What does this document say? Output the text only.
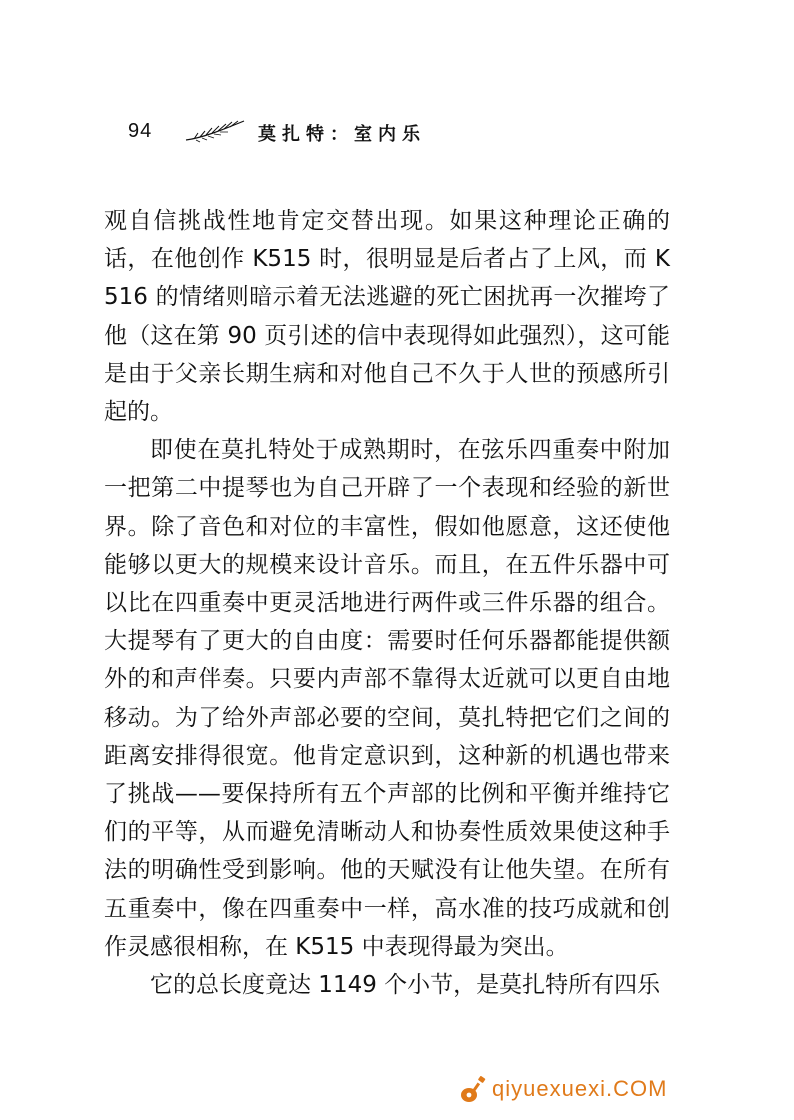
94	莫扎特：室内乐

观自信挑战性地肯定交替出现。如果这种理论正确的话，在他创作 K515 时，很明显是后者占了上风，而 K516 的情绪则暗示着无法逃避的死亡困扰再一次摧垮了他（这在第 90 页引述的信中表现得如此强烈），这可能是由于父亲长期生病和对他自己不久于人世的预感所引起的。

即使在莫扎特处于成熟期时，在弦乐四重奏中附加一把第二中提琴也为自己开辟了一个表现和经验的新世界。除了音色和对位的丰富性，假如他愿意，这还使他能够以更大的规模来设计音乐。而且，在五件乐器中可以比在四重奏中更灵活地进行两件或三件乐器的组合。大提琴有了更大的自由度：需要时任何乐器都能提供额外的和声伴奏。只要内声部不靠得太近就可以更自由地移动。为了给外声部必要的空间，莫扎特把它们之间的距离安排得很宽。他肯定意识到，这种新的机遇也带来了挑战——要保持所有五个声部的比例和平衡并维持它们的平等，从而避免清晰动人和协奏性质效果使这种手法的明确性受到影响。他的天赋没有让他失望。在所有五重奏中，像在四重奏中一样，高水准的技巧成就和创作灵感很相称，在 K515 中表现得最为突出。

它的总长度竟达 1149 个小节，是莫扎特所有四乐

qiyuexuexi.COM
